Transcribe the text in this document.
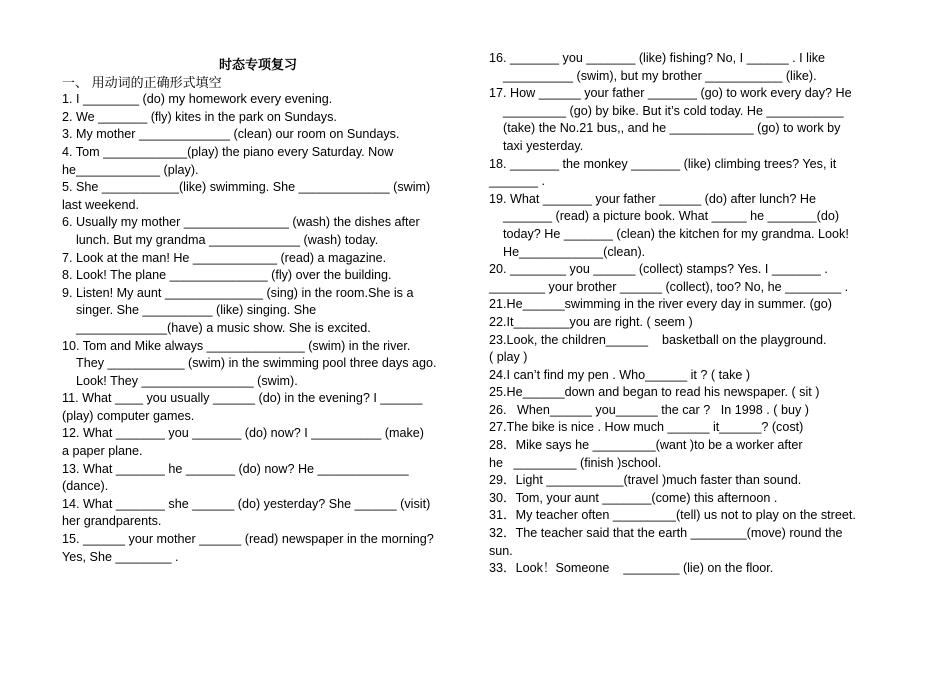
时态专项复习
一、 用动词的正确形式填空
1. I ________ (do) my homework every evening.
2. We _______ (fly) kites in the park on Sundays.
3. My mother _____________ (clean) our room on Sundays.
4. Tom ____________(play) the piano every Saturday. Now
he____________ (play).
5. She ___________(like) swimming. She _____________ (swim)
last weekend.
6. Usually my mother _______________ (wash) the dishes after
lunch. But my grandma _____________ (wash) today.
7. Look at the man! He ____________ (read) a magazine.
8. Look! The plane ______________ (fly) over the building.
9. Listen! My aunt ______________ (sing) in the room.She is a
singer. She __________ (like) singing. She
_____________(have) a music show. She is excited.
10. Tom and Mike always ______________ (swim) in the river.
They ___________ (swim) in the swimming pool three days ago.
Look! They ________________ (swim).
11. What ____ you usually ______ (do) in the evening? I ______
(play) computer games.
12. What _______ you _______ (do) now? I __________ (make)
a paper plane.
13. What _______ he _______ (do) now? He _____________
(dance).
14. What _______ she ______ (do) yesterday? She ______ (visit)
her grandparents.
15. ______ your mother ______ (read) newspaper in the morning?
Yes, She ________ .
16. _______ you _______ (like) fishing? No, I ______ . I like
__________ (swim), but my brother ___________ (like).
17. How ______ your father _______ (go) to work every day? He
_________ (go) by bike. But it’s cold today. He ___________
(take) the No.21 bus,, and he ____________ (go) to work by
taxi yesterday.
18. _______ the monkey _______ (like) climbing trees? Yes, it
_______ .
19. What _______ your father ______ (do) after lunch? He
_______ (read) a picture book. What _____ he _______(do)
today? He _______ (clean) the kitchen for my grandma. Look!
He____________(clean).
20. ________ you ______ (collect) stamps? Yes. I _______ .
________ your brother ______ (collect), too? No, he ________ .
21.He______swimming in the river every day in summer. (go)
22.It________you are right. ( seem )
23.Look, the children______    basketball on the playground.
( play )
24.I can’t find my pen . Who______ it ? ( take )
25.He______down and began to read his newspaper. ( sit )
26.   When______ you______ the car ?   In 1998 . ( buy )
27.The bike is nice . How much ______ it______? (cost)
28．Mike says he _________(want )to be a worker after
he   _________ (finish )school.
29．Light ___________(travel )much faster than sound.
30．Tom, your aunt _______(come) this afternoon .
31．My teacher often _________(tell) us not to play on the street.
32．The teacher said that the earth ________(move) round the
sun.
33．Look！Someone    ________ (lie) on the floor.
